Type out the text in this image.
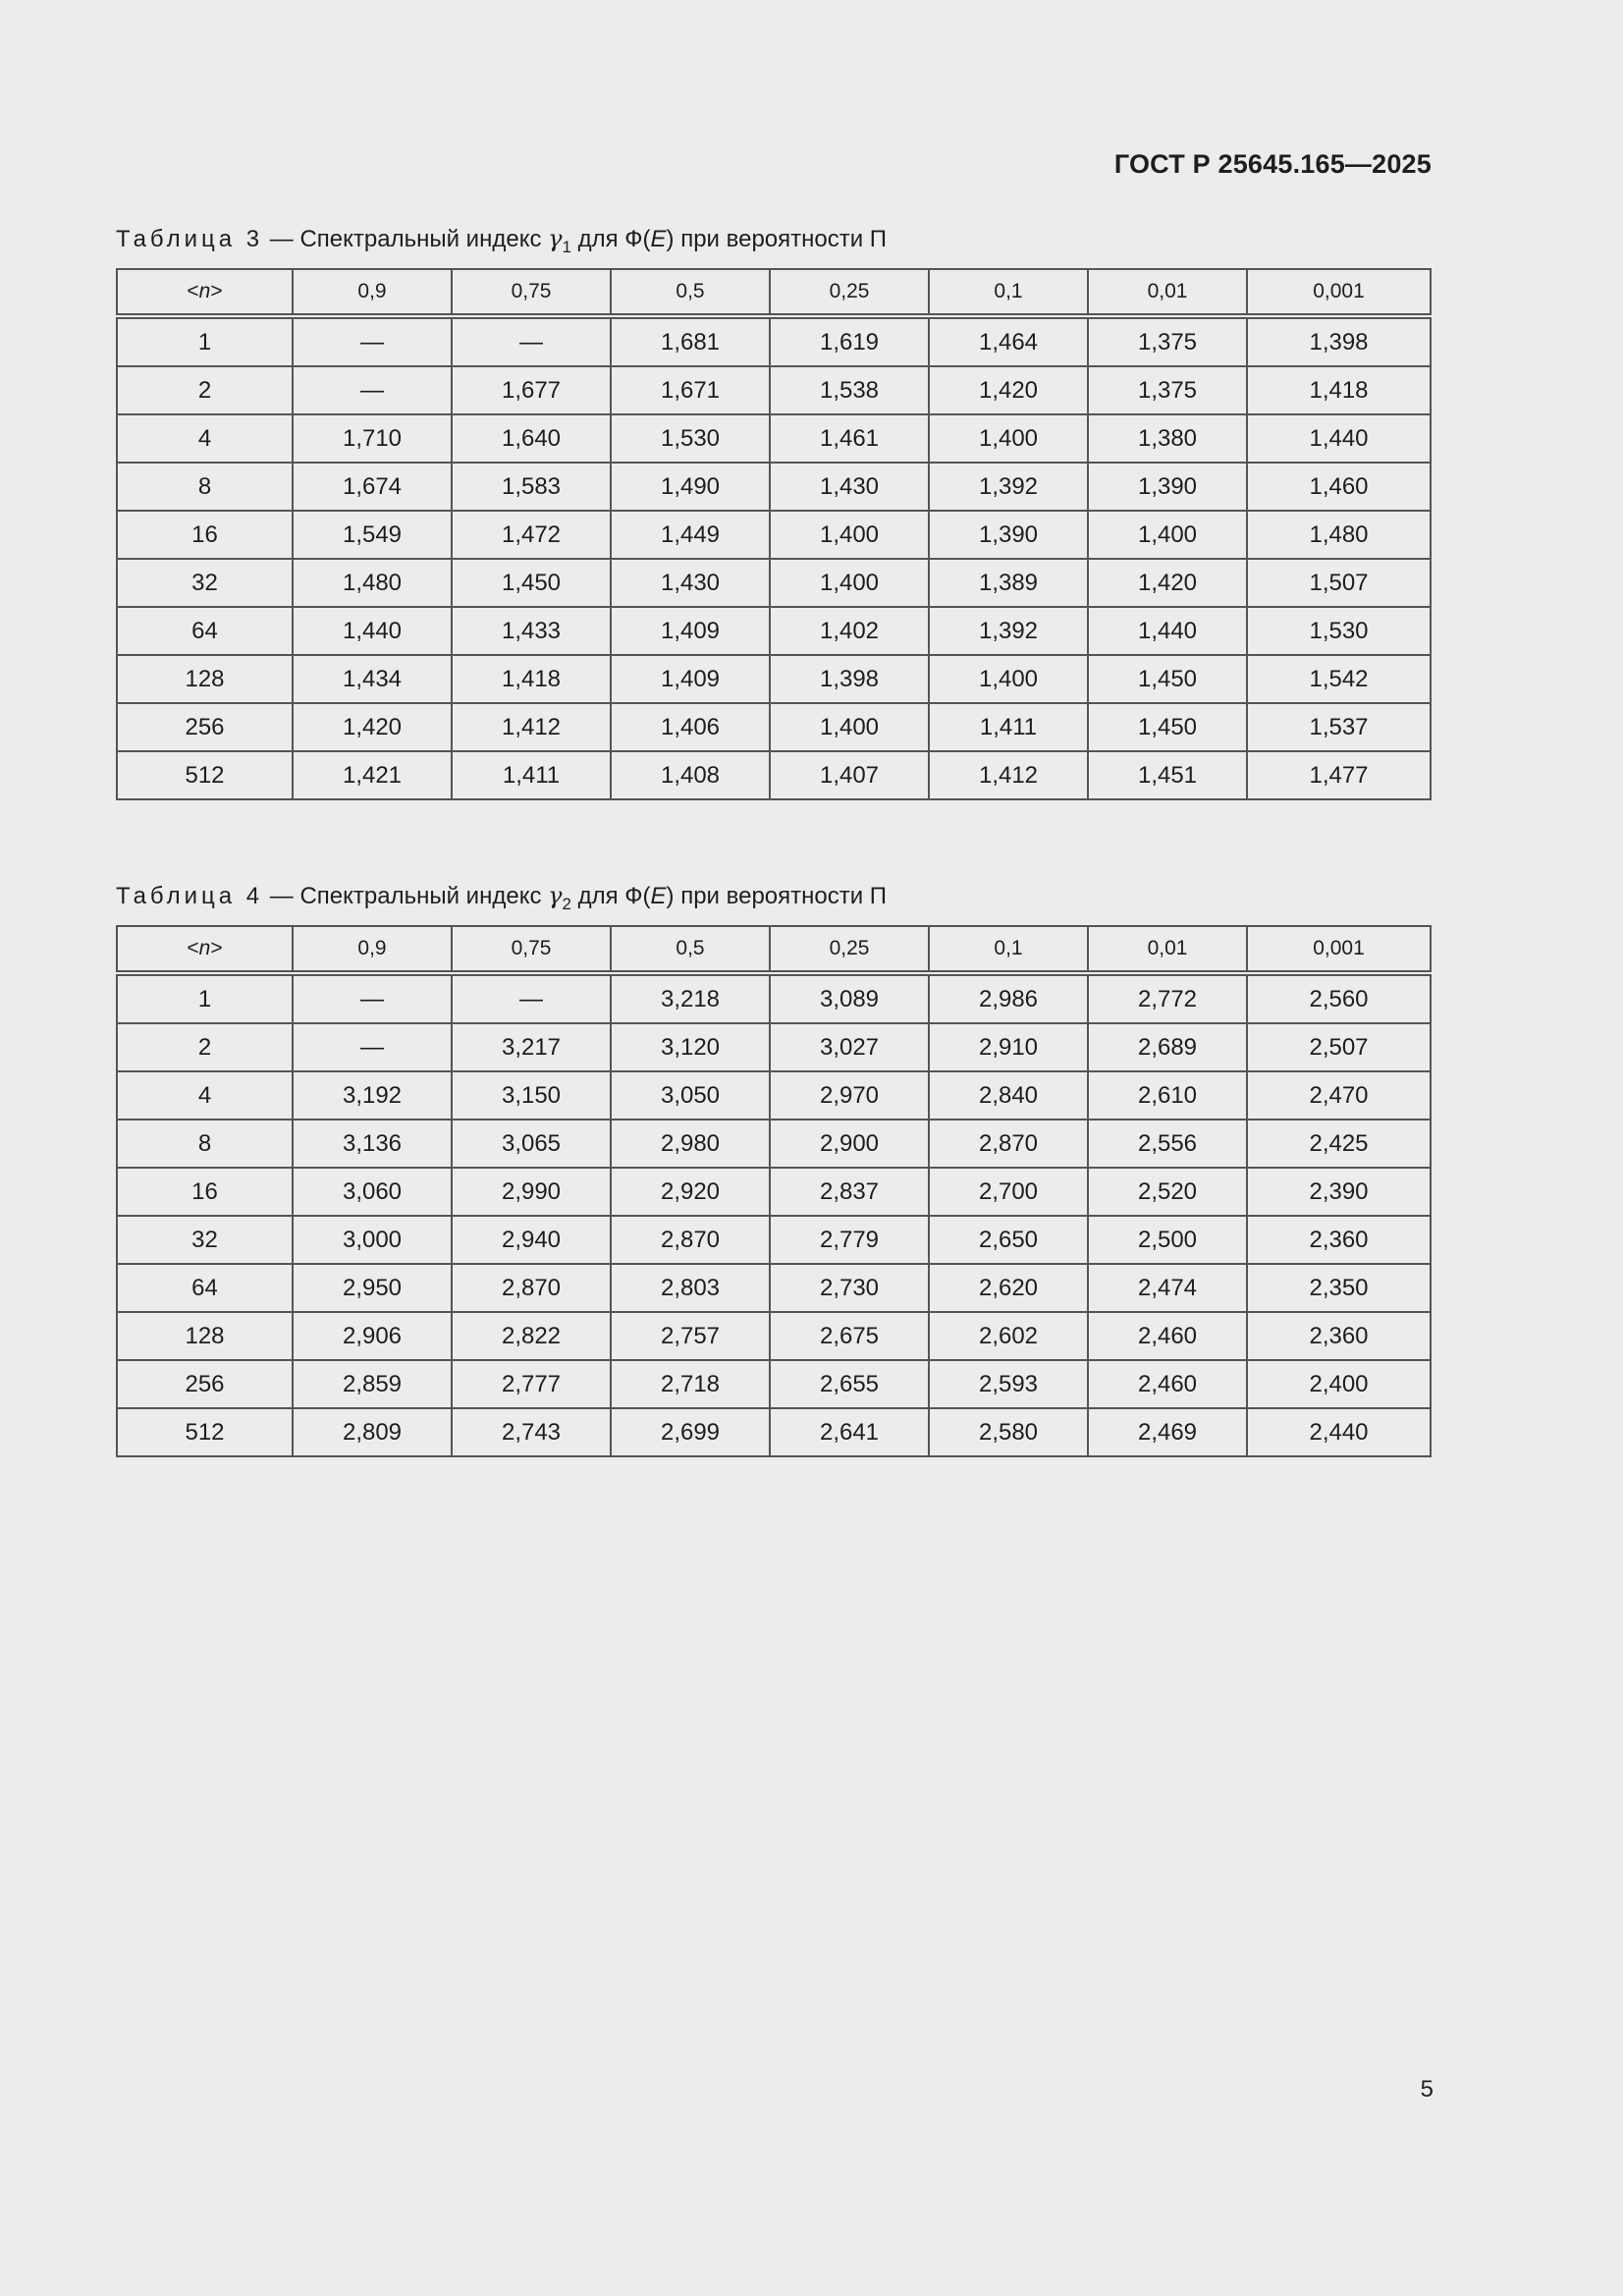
ГОСТ Р 25645.165—2025
Таблица 3 — Спектральный индекс $\gamma_1$ для Ф(E) при вероятности П
<n>	0,9	0,75	0,5	0,25	0,1	0,01	0,001
1	—	—	1,681	1,619	1,464	1,375	1,398
2	—	1,677	1,671	1,538	1,420	1,375	1,418
4	1,710	1,640	1,530	1,461	1,400	1,380	1,440
8	1,674	1,583	1,490	1,430	1,392	1,390	1,460
16	1,549	1,472	1,449	1,400	1,390	1,400	1,480
32	1,480	1,450	1,430	1,400	1,389	1,420	1,507
64	1,440	1,433	1,409	1,402	1,392	1,440	1,530
128	1,434	1,418	1,409	1,398	1,400	1,450	1,542
256	1,420	1,412	1,406	1,400	1,411	1,450	1,537
512	1,421	1,411	1,408	1,407	1,412	1,451	1,477
Таблица 4 — Спектральный индекс $\gamma_2$ для Ф(E) при вероятности П
<n>	0,9	0,75	0,5	0,25	0,1	0,01	0,001
1	—	—	3,218	3,089	2,986	2,772	2,560
2	—	3,217	3,120	3,027	2,910	2,689	2,507
4	3,192	3,150	3,050	2,970	2,840	2,610	2,470
8	3,136	3,065	2,980	2,900	2,870	2,556	2,425
16	3,060	2,990	2,920	2,837	2,700	2,520	2,390
32	3,000	2,940	2,870	2,779	2,650	2,500	2,360
64	2,950	2,870	2,803	2,730	2,620	2,474	2,350
128	2,906	2,822	2,757	2,675	2,602	2,460	2,360
256	2,859	2,777	2,718	2,655	2,593	2,460	2,400
512	2,809	2,743	2,699	2,641	2,580	2,469	2,440
5
